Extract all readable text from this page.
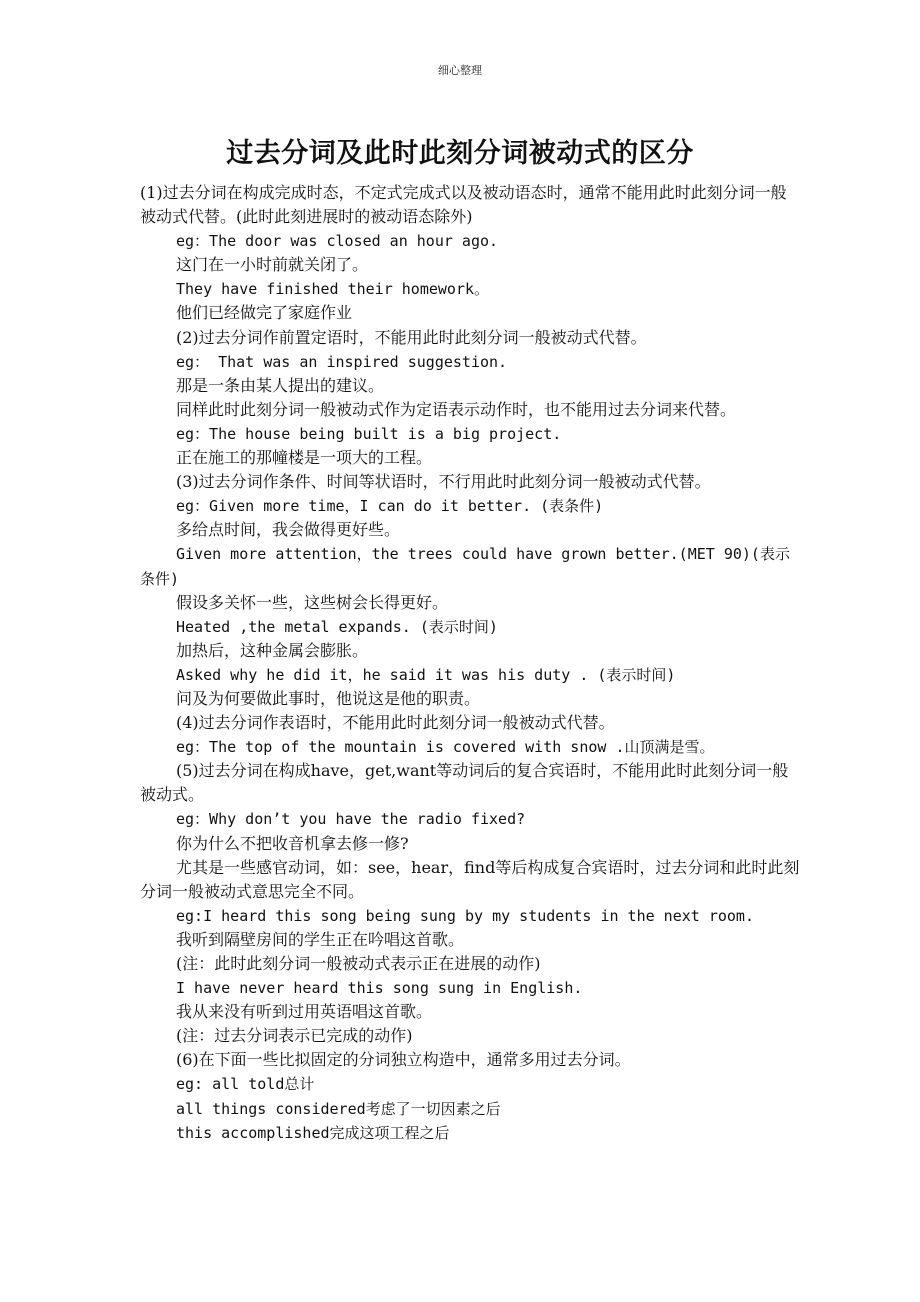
细心整理
过去分词及此时此刻分词被动式的区分

(1)过去分词在构成完成时态，不定式完成式以及被动语态时，通常不能用此时此刻分词一般被动式代替。(此时此刻进展时的被动语态除外)

eg：The door was closed an hour ago.

这门在一小时前就关闭了。

They have finished their homework。

他们已经做完了家庭作业

(2)过去分词作前置定语时，不能用此时此刻分词一般被动式代替。

eg： That was an inspired suggestion.

那是一条由某人提出的建议。

同样此时此刻分词一般被动式作为定语表示动作时，也不能用过去分词来代替。

eg：The house being built is a big project.

正在施工的那幢楼是一项大的工程。

(3)过去分词作条件、时间等状语时，不行用此时此刻分词一般被动式代替。

eg：Given more time，I can do it better. (表条件)

多给点时间，我会做得更好些。

Given more attention，the trees could have grown better.(MET 90)(表示条件)

假设多关怀一些，这些树会长得更好。

Heated ,the metal expands. (表示时间)

加热后，这种金属会膨胀。

Asked why he did it，he said it was his duty . (表示时间)

问及为何要做此事时，他说这是他的职责。

(4)过去分词作表语时，不能用此时此刻分词一般被动式代替。

eg：The top of the mountain is covered with snow .山顶满是雪。

(5)过去分词在构成have，get,want等动词后的复合宾语时，不能用此时此刻分词一般被动式。

eg：Why don’t you have the radio fixed?

你为什么不把收音机拿去修一修?

尤其是一些感官动词，如：see，hear，find等后构成复合宾语时，过去分词和此时此刻分词一般被动式意思完全不同。

eg:I heard this song being sung by my students in the next room.

我听到隔壁房间的学生正在吟唱这首歌。

(注：此时此刻分词一般被动式表示正在进展的动作)

I have never heard this song sung in English.

我从来没有听到过用英语唱这首歌。

(注：过去分词表示已完成的动作)

(6)在下面一些比拟固定的分词独立构造中，通常多用过去分词。

eg: all told总计

all things considered考虑了一切因素之后

this accomplished完成这项工程之后
